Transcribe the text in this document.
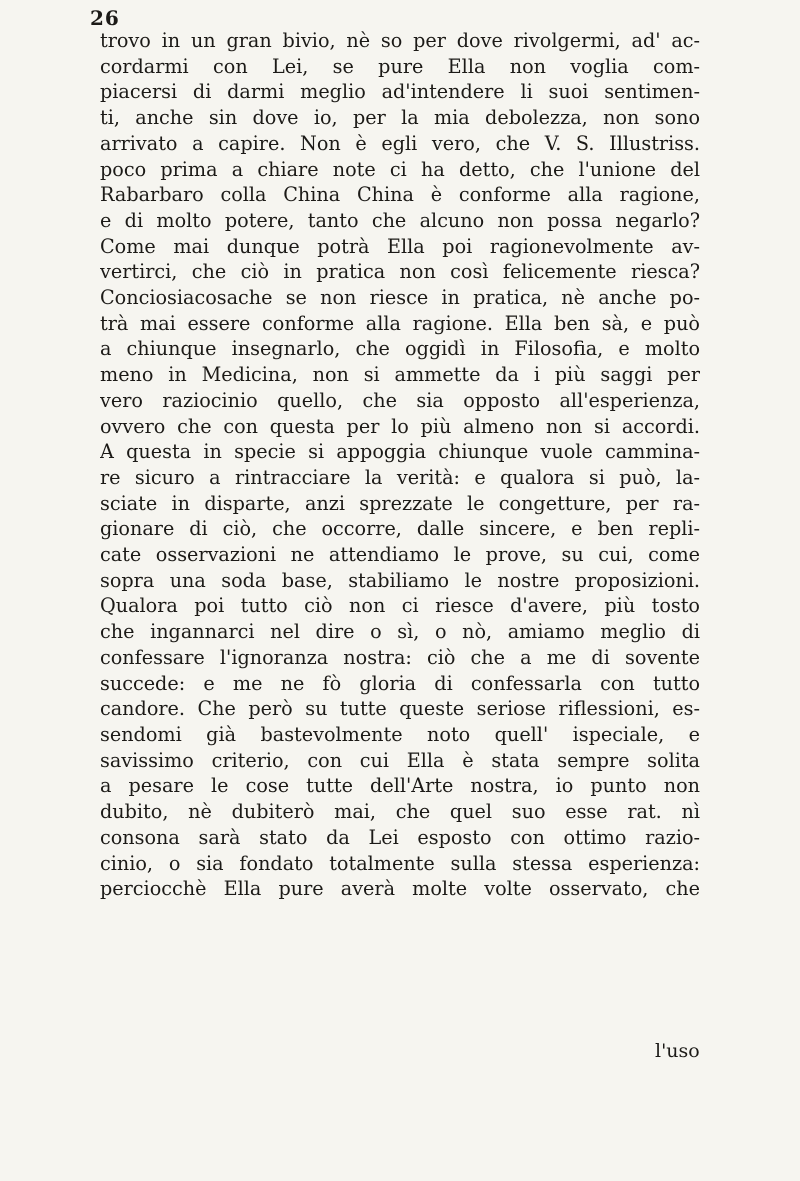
26
trovo in un gran bivio, nè so per dove rivolgermi, ad' ac-
cordarmi con Lei, se pure Ella non voglia com-
piacersi di darmi meglio ad'intendere li suoi sentimen-
ti, anche sin dove io, per la mia debolezza, non sono
arrivato a capire. Non è egli vero, che V. S. Illustriss.
poco prima a chiare note ci ha detto, che l'unione del
Rabarbaro colla China China è conforme alla ragione,
e di molto potere, tanto che alcuno non possa negarlo?
Come mai dunque potrà Ella poi ragionevolmente av-
vertirci, che ciò in pratica non così felicemente riesca?
Conciosiacosache se non riesce in pratica, nè anche po-
trà mai essere conforme alla ragione. Ella ben sà, e può
a chiunque insegnarlo, che oggidì in Filosofia, e molto
meno in Medicina, non si ammette da i più saggi per
vero raziocinio quello, che sia opposto all'esperienza,
ovvero che con questa per lo più almeno non si accordi.
A questa in specie si appoggia chiunque vuole cammina-
re sicuro a rintracciare la verità: e qualora si può, la-
sciate in disparte, anzi sprezzate le congetture, per ra-
gionare di ciò, che occorre, dalle sincere, e ben repli-
cate osservazioni ne attendiamo le prove, su cui, come
sopra una soda base, stabiliamo le nostre proposizioni.
Qualora poi tutto ciò non ci riesce d'avere, più tosto
che ingannarci nel dire o sì, o nò, amiamo meglio di
confessare l'ignoranza nostra: ciò che a me di sovente
succede: e me ne fò gloria di confessarla con tutto
candore. Che però su tutte queste seriose riflessioni, es-
sendomi già bastevolmente noto quell' ispeciale, e
savissimo criterio, con cui Ella è stata sempre solita
a pesare le cose tutte dell'Arte nostra, io punto non
dubito, nè dubiterò mai, che quel suo esse rat. nì
consona sarà stato da Lei esposto con ottimo razio-
cinio, o sia fondato totalmente sulla stessa esperienza:
perciocchè Ella pure averà molte volte osservato, che
l'uso
